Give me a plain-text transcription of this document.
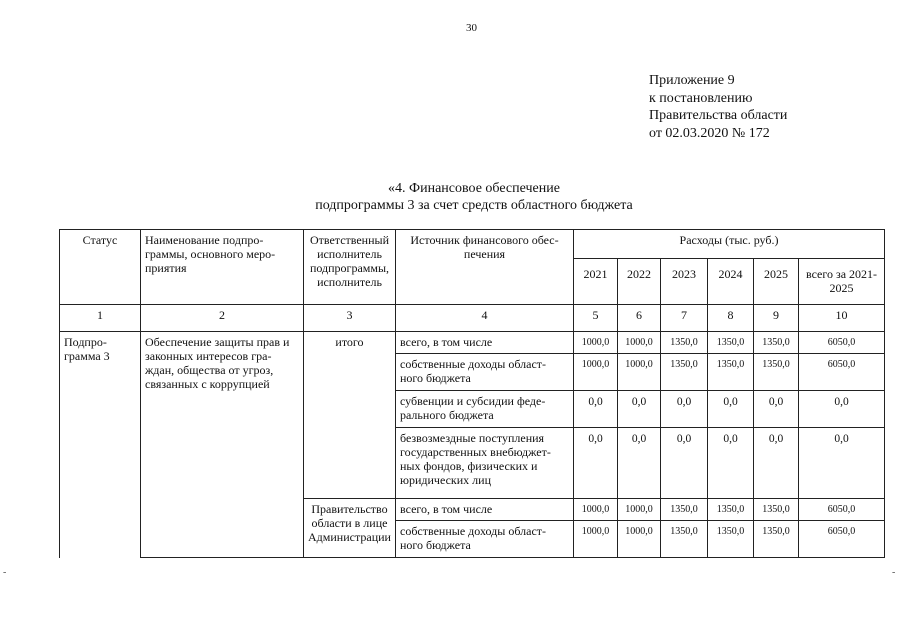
30
Приложение 9
к постановлению
Правительства области
от 02.03.2020 № 172
«4. Финансовое обеспечение
подпрограммы 3 за счет средств областного бюджета
Статус	Наименование подпро-граммы, основного меро-приятия	Ответственный исполнитель подпрограммы, исполнитель	Источник финансового обес-печения	Расходы (тыс. руб.)					
				2021	2022	2023	2024	2025	всего за 2021-2025
1	2	3	4	5	6	7	8	9	10
Подпро-грамма 3	Обеспечение защиты прав и законных интересов гра-ждан, общества от угроз, связанных с коррупцией	итого	всего, в том числе	1000,0	1000,0	1350,0	1350,0	1350,0	6050,0
			собственные доходы област-ного бюджета	1000,0	1000,0	1350,0	1350,0	1350,0	6050,0
			субвенции и субсидии феде-рального бюджета	0,0	0,0	0,0	0,0	0,0	0,0
			безвозмездные поступления государственных внебюджет-ных фондов, физических и юридических лиц	0,0	0,0	0,0	0,0	0,0	0,0
		Правительство области в лице Администрации	всего, в том числе	1000,0	1000,0	1350,0	1350,0	1350,0	6050,0
			собственные доходы област-ного бюджета	1000,0	1000,0	1350,0	1350,0	1350,0	6050,0
-	-
